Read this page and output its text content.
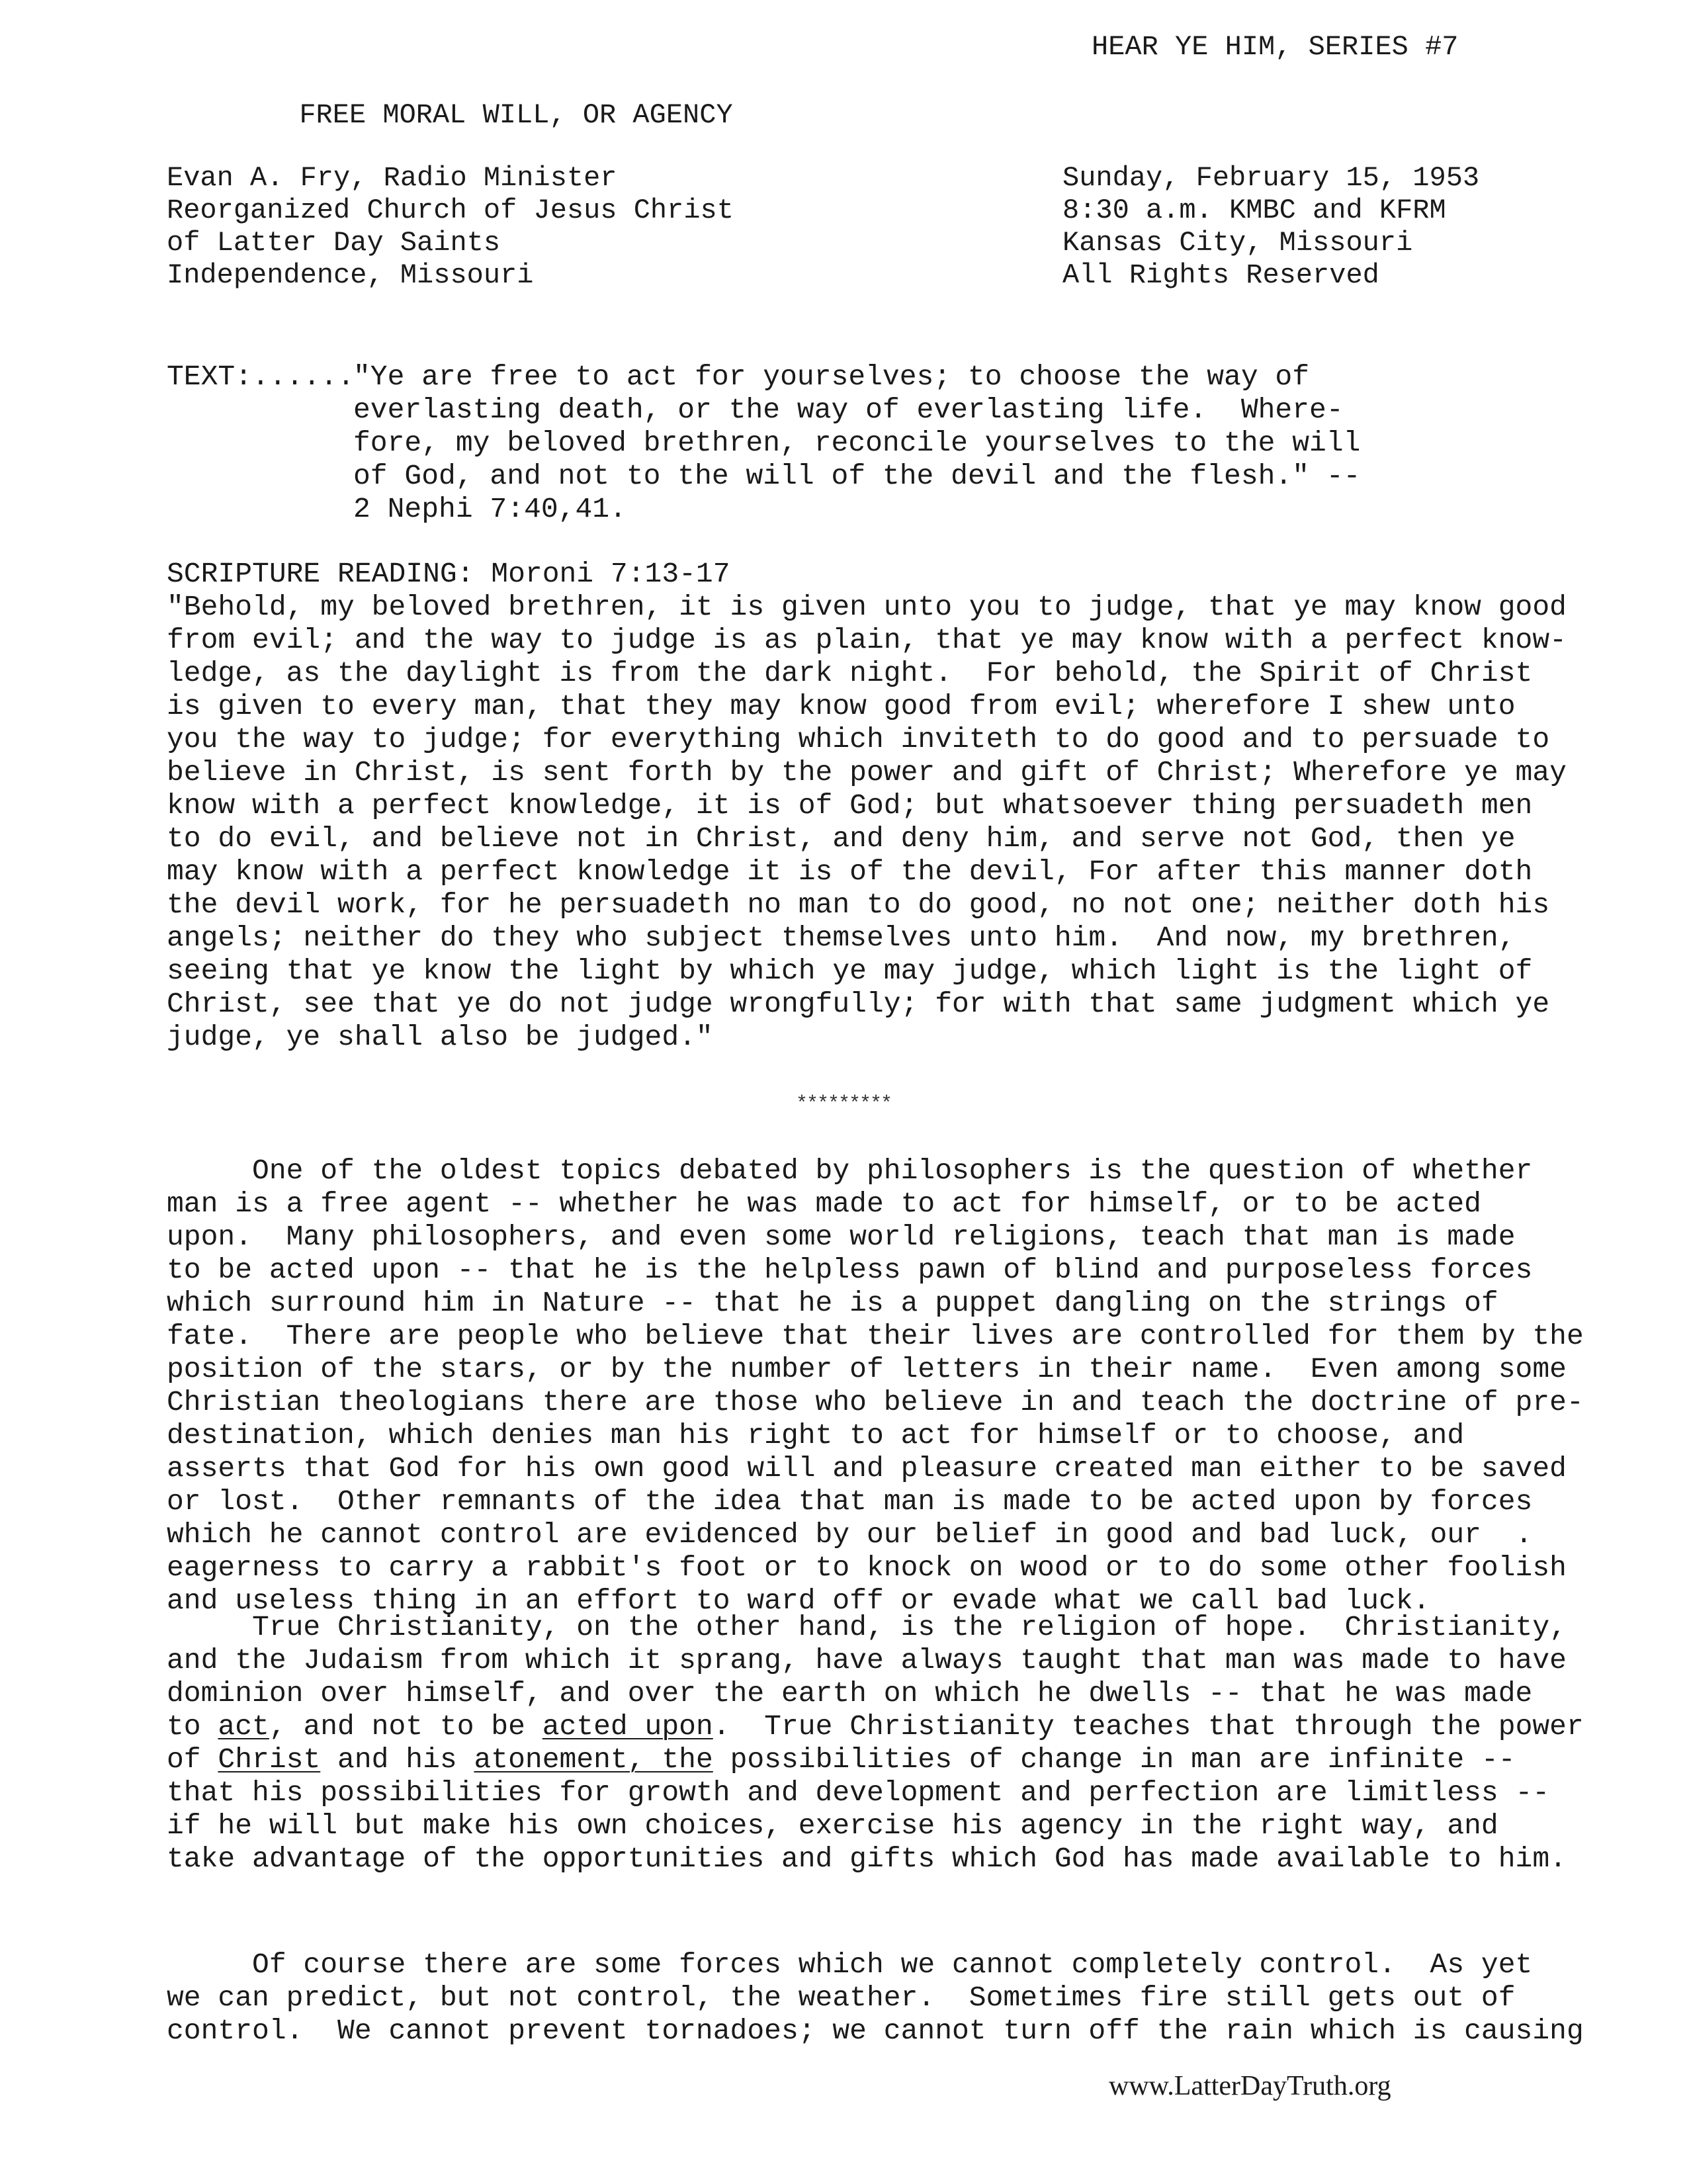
HEAR YE HIM, SERIES #7
FREE MORAL WILL, OR AGENCY
Evan A. Fry, Radio Minister
Reorganized Church of Jesus Christ
of Latter Day Saints
Independence, Missouri
Sunday, February 15, 1953
8:30 a.m. KMBC and KFRM
Kansas City, Missouri
All Rights Reserved
TEXT:......
"Ye are free to act for yourselves; to choose the way of
everlasting death, or the way of everlasting life.  Where-
fore, my beloved brethren, reconcile yourselves to the will
of God, and not to the will of the devil and the flesh." --
2 Nephi 7:40,41.
SCRIPTURE READING: Moroni 7:13-17
"Behold, my beloved brethren, it is given unto you to judge, that ye may know good
from evil; and the way to judge is as plain, that ye may know with a perfect know-
ledge, as the daylight is from the dark night.  For behold, the Spirit of Christ
is given to every man, that they may know good from evil; wherefore I shew unto
you the way to judge; for everything which inviteth to do good and to persuade to
believe in Christ, is sent forth by the power and gift of Christ; Wherefore ye may
know with a perfect knowledge, it is of God; but whatsoever thing persuadeth men
to do evil, and believe not in Christ, and deny him, and serve not God, then ye
may know with a perfect knowledge it is of the devil, For after this manner doth
the devil work, for he persuadeth no man to do good, no not one; neither doth his
angels; neither do they who subject themselves unto him.  And now, my brethren,
seeing that ye know the light by which ye may judge, which light is the light of
Christ, see that ye do not judge wrongfully; for with that same judgment which ye
judge, ye shall also be judged."
*********
One of the oldest topics debated by philosophers is the question of whether
man is a free agent -- whether he was made to act for himself, or to be acted
upon.  Many philosophers, and even some world religions, teach that man is made
to be acted upon -- that he is the helpless pawn of blind and purposeless forces
which surround him in Nature -- that he is a puppet dangling on the strings of
fate.  There are people who believe that their lives are controlled for them by the
position of the stars, or by the number of letters in their name.  Even among some
Christian theologians there are those who believe in and teach the doctrine of pre-
destination, which denies man his right to act for himself or to choose, and
asserts that God for his own good will and pleasure created man either to be saved
or lost.  Other remnants of the idea that man is made to be acted upon by forces
which he cannot control are evidenced by our belief in good and bad luck, our  .
eagerness to carry a rabbit's foot or to knock on wood or to do some other foolish
and useless thing in an effort to ward off or evade what we call bad luck.
True Christianity, on the other hand, is the religion of hope.  Christianity,
and the Judaism from which it sprang, have always taught that man was made to have
dominion over himself, and over the earth on which he dwells -- that he was made
to act, and not to be acted upon.  True Christianity teaches that through the power
of Christ and his atonement, the possibilities of change in man are infinite --
that his possibilities for growth and development and perfection are limitless --
if he will but make his own choices, exercise his agency in the right way, and
take advantage of the opportunities and gifts which God has made available to him.
Of course there are some forces which we cannot completely control.  As yet
we can predict, but not control, the weather.  Sometimes fire still gets out of
control.  We cannot prevent tornadoes; we cannot turn off the rain which is causing
www.LatterDayTruth.org
